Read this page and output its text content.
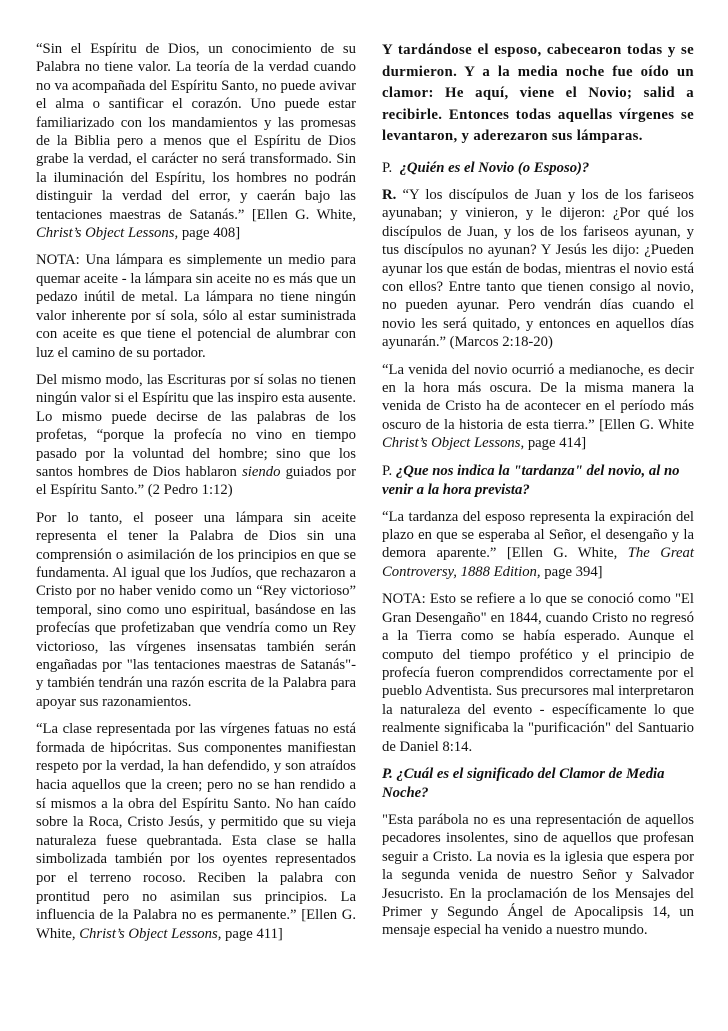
“Sin el Espíritu de Dios, un conocimiento de su Palabra no tiene valor. La teoría de la verdad cuando no va acompañada del Espíritu Santo, no puede avivar el alma o santificar el corazón. Uno puede estar familiarizado con los mandamientos y las promesas de la Biblia pero a menos que el Espíritu de Dios grabe la verdad, el carácter no será transformado. Sin la iluminación del Espíritu, los hombres no podrán distinguir la verdad del error, y caerán bajo las tentaciones maestras de Satanás.” [Ellen G. White, Christ’s Object Lessons, page 408]

NOTA: Una lámpara es simplemente un medio para quemar aceite - la lámpara sin aceite no es más que un pedazo inútil de metal. La lámpara no tiene ningún valor inherente por sí sola, sólo al estar suministrada con aceite es que tiene el potencial de alumbrar con luz el camino de su portador.

Del mismo modo, las Escrituras por sí solas no tienen ningún valor si el Espíritu que las inspiro esta ausente. Lo mismo puede decirse de las palabras de los profetas, “porque la profecía no vino en tiempo pasado por la voluntad del hombre; sino que los santos hombres de Dios hablaron siendo guiados por el Espíritu Santo.” (2 Pedro 1:12)

Por lo tanto, el poseer una lámpara sin aceite representa el tener la Palabra de Dios sin una comprensión o asimilación de los principios en que se fundamenta. Al igual que los Judíos, que rechazaron a Cristo por no haber venido como un “Rey victorioso” temporal, sino como uno espiritual, basándose en las profecías que profetizaban que vendría como un Rey victorioso, las vírgenes insensatas también serán engañadas por "las tentaciones maestras de Satanás"- y también tendrán una razón escrita de la Palabra para apoyar sus razonamientos.

“La clase representada por las vírgenes fatuas no está formada de hipócritas. Sus componentes manifiestan respeto por la verdad, la han defendido, y son atraídos hacia aquellos que la creen; pero no se han rendido a sí mismos a la obra del Espíritu Santo. No han caído sobre la Roca, Cristo Jesús, y permitido que su vieja naturaleza fuese quebrantada. Esta clase se halla simbolizada también por los oyentes representados por el terreno rocoso. Reciben la palabra con prontitud pero no asimilan sus principios. La influencia de la Palabra no es permanente.” [Ellen G. White, Christ’s Object Lessons, page 411]

Y tardándose el esposo, cabecearon todas y se durmieron. Y a la media noche fue oído un clamor: He aquí, viene el Novio; salid a recibirle. Entonces todas aquellas vírgenes se levantaron, y aderezaron sus lámparas.

P. ¿Quién es el Novio (o Esposo)?

R. “Y los discípulos de Juan y los de los fariseos ayunaban; y vinieron, y le dijeron: ¿Por qué los discípulos de Juan, y los de los fariseos ayunan, y tus discípulos no ayunan? Y Jesús les dijo: ¿Pueden ayunar los que están de bodas, mientras el novio está con ellos? Entre tanto que tienen consigo al novio, no pueden ayunar. Pero vendrán días cuando el novio les será quitado, y entonces en aquellos días ayunarán.” (Marcos 2:18-20)

“La venida del novio ocurrió a medianoche, es decir en la hora más oscura. De la misma manera la venida de Cristo ha de acontecer en el período más oscuro de la historia de esta tierra.” [Ellen G. White Christ’s Object Lessons, page 414]

P. ¿Que nos indica la "tardanza" del novio, al no venir a la hora prevista?

“La tardanza del esposo representa la expiración del plazo en que se esperaba al Señor, el desengaño y la demora aparente.” [Ellen G. White, The Great Controversy, 1888 Edition, page 394]

NOTA: Esto se refiere a lo que se conoció como "El Gran Desengaño" en 1844, cuando Cristo no regresó a la Tierra como se había esperado. Aunque el computo del tiempo profético y el principio de profecía fueron comprendidos correctamente por el pueblo Adventista. Sus precursores mal interpretaron la naturaleza del evento - específicamente lo que realmente significaba la "purificación" del Santuario de Daniel 8:14.

P. ¿Cuál es el significado del Clamor de Media Noche?

"Esta parábola no es una representación de aquellos pecadores insolentes, sino de aquellos que profesan seguir a Cristo. La novia es la iglesia que espera por la segunda venida de nuestro Señor y Salvador Jesucristo. En la proclamación de los Mensajes del Primer y Segundo Ángel de Apocalipsis 14, un mensaje especial ha venido a nuestro mundo.
